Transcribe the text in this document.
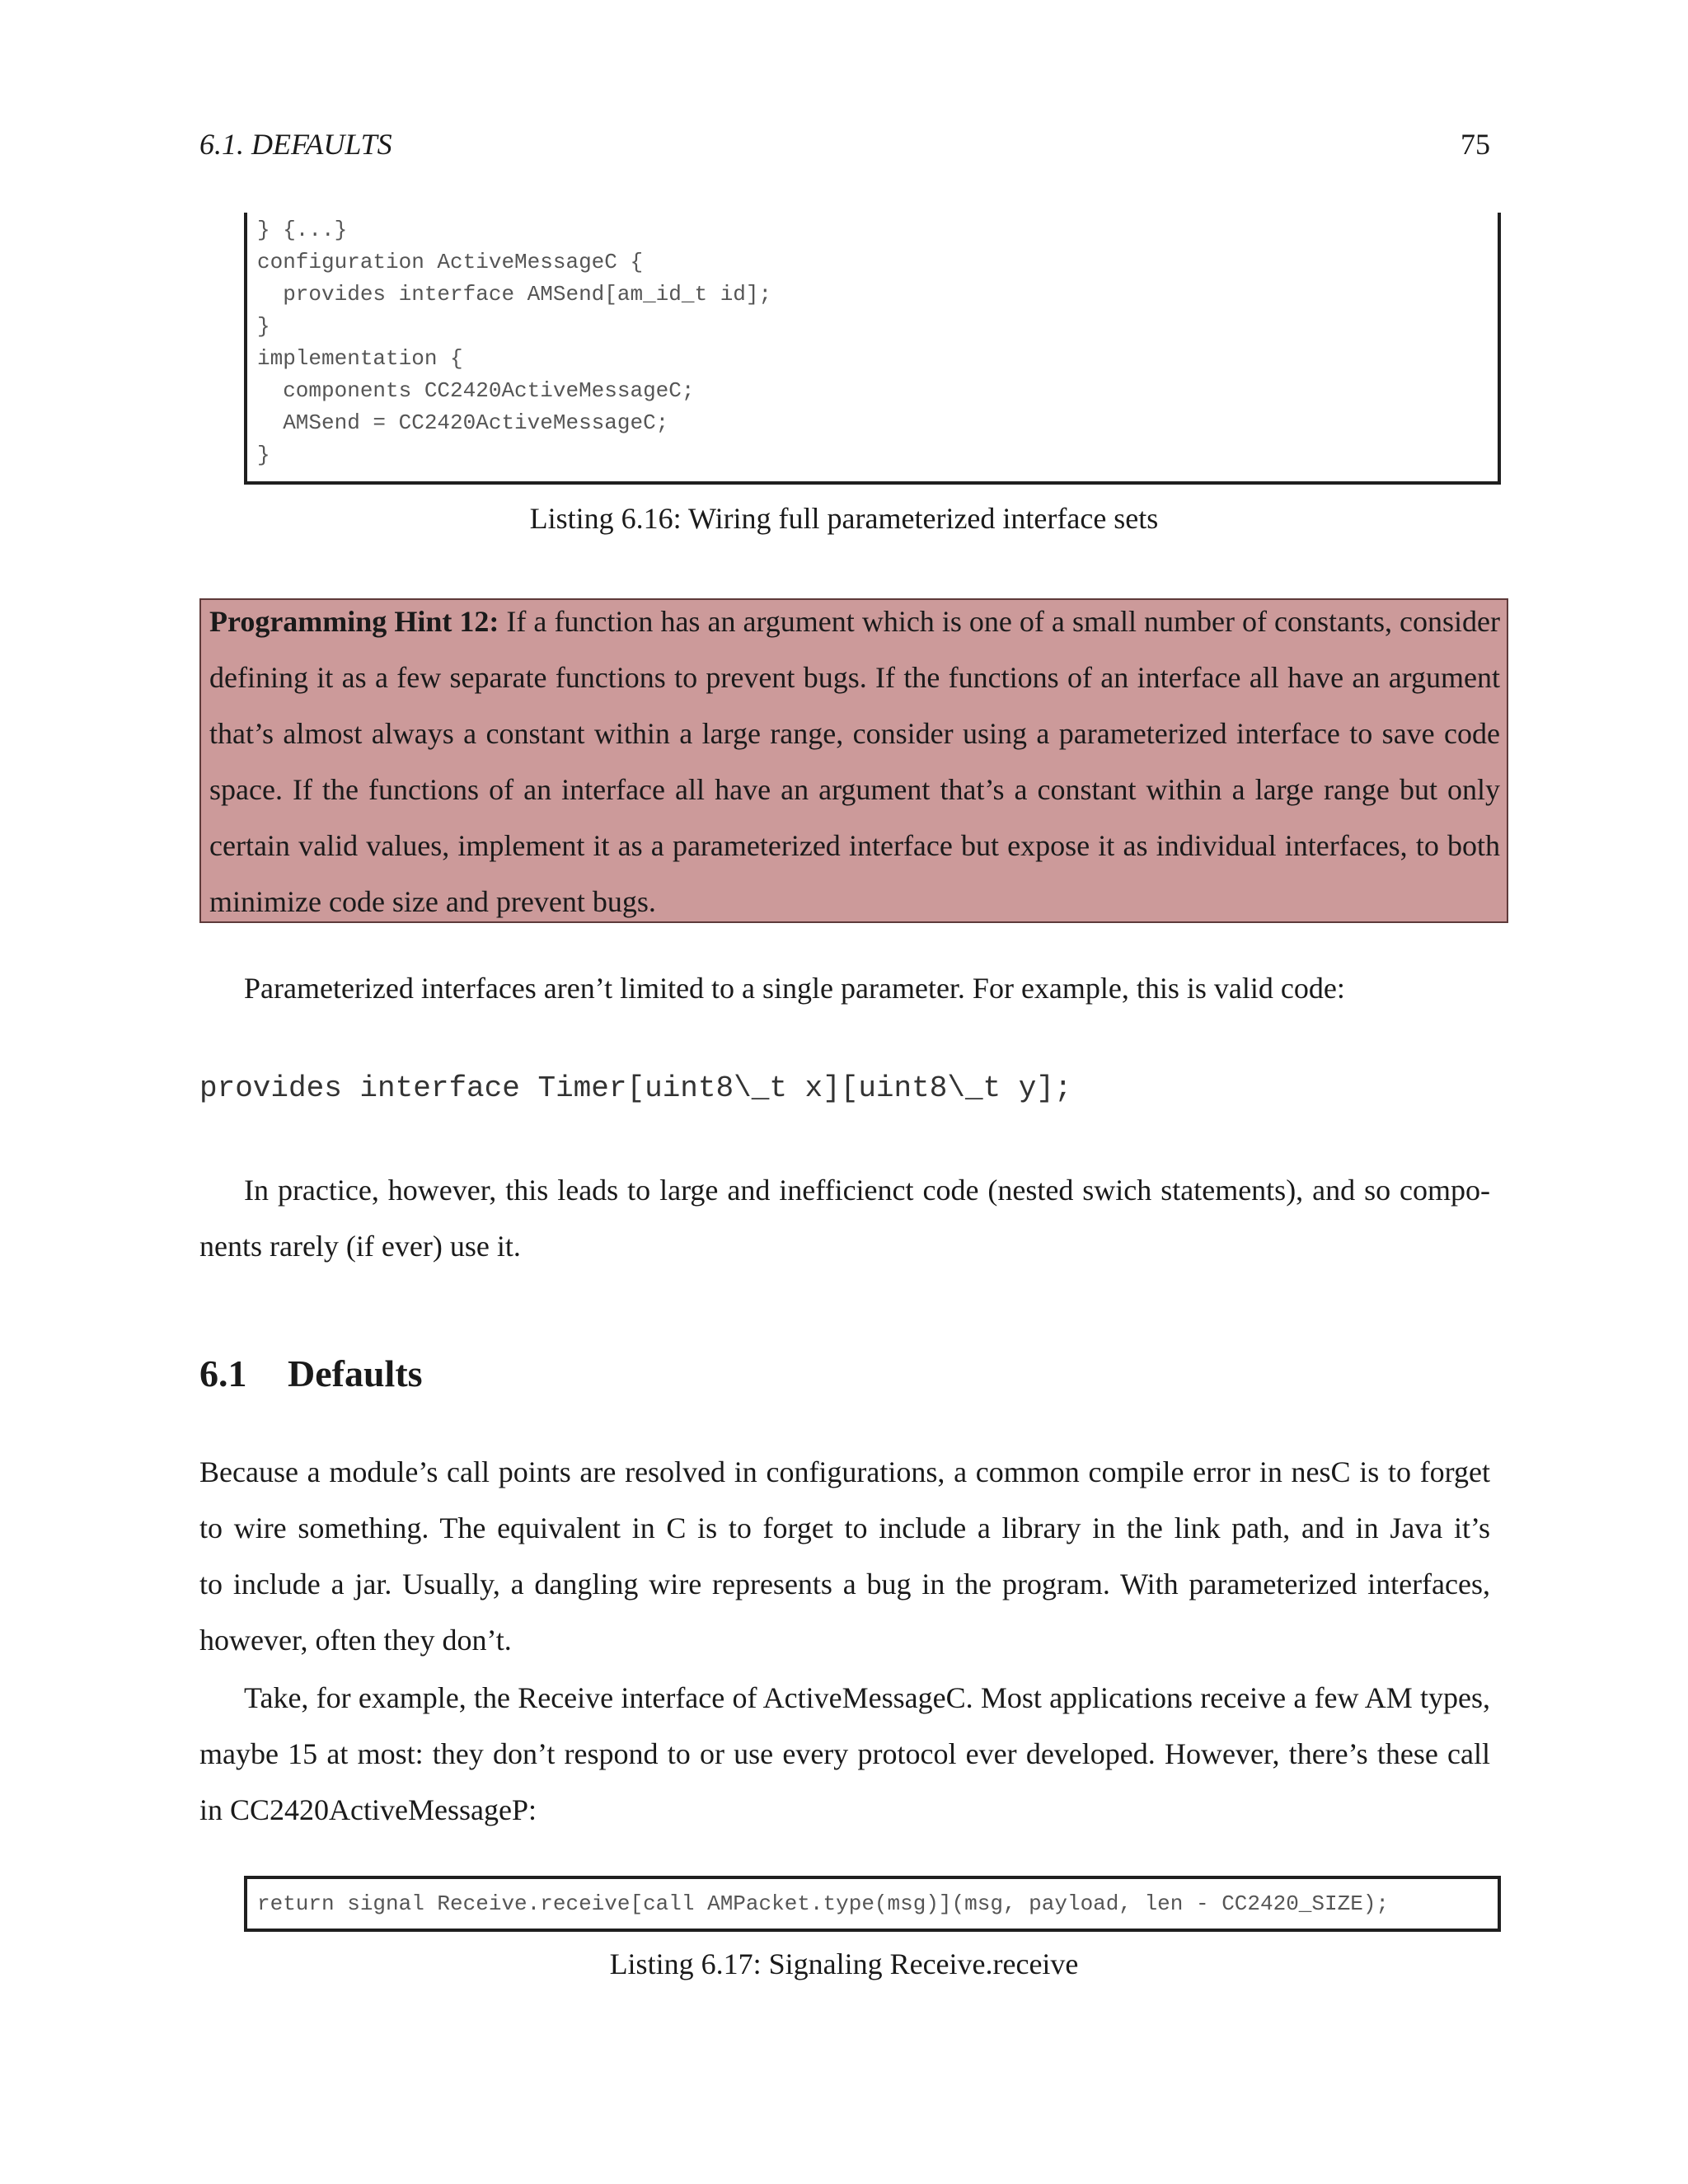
6.1. DEFAULTS	75
} {...}
configuration ActiveMessageC {
provides interface AMSend[am_id_t id];
}
implementation {
components CC2420ActiveMessageC;
AMSend = CC2420ActiveMessageC;
}
Listing 6.16: Wiring full parameterized interface sets
Programming Hint 12: If a function has an argument which is one of a small number of constants, consider
defining it as a few separate functions to prevent bugs. If the functions of an interface all have an argument
that’s almost always a constant within a large range, consider using a parameterized interface to save code
space. If the functions of an interface all have an argument that’s a constant within a large range but only
certain valid values, implement it as a parameterized interface but expose it as individual interfaces, to both
minimize code size and prevent bugs.
Parameterized interfaces aren’t limited to a single parameter. For example, this is valid code:
provides interface Timer[uint8\_t x][uint8\_t y];
In practice, however, this leads to large and inefficienct code (nested swich statements), and so compo-
nents rarely (if ever) use it.
6.1 Defaults
Because a module’s call points are resolved in configurations, a common compile error in nesC is to forget
to wire something. The equivalent in C is to forget to include a library in the link path, and in Java it’s
to include a jar. Usually, a dangling wire represents a bug in the program. With parameterized interfaces,
however, often they don’t.
Take, for example, the Receive interface of ActiveMessageC. Most applications receive a few AM types,
maybe 15 at most: they don’t respond to or use every protocol ever developed. However, there’s these call
in CC2420ActiveMessageP:
return signal Receive.receive[call AMPacket.type(msg)](msg, payload, len - CC2420_SIZE);
Listing 6.17: Signaling Receive.receive
